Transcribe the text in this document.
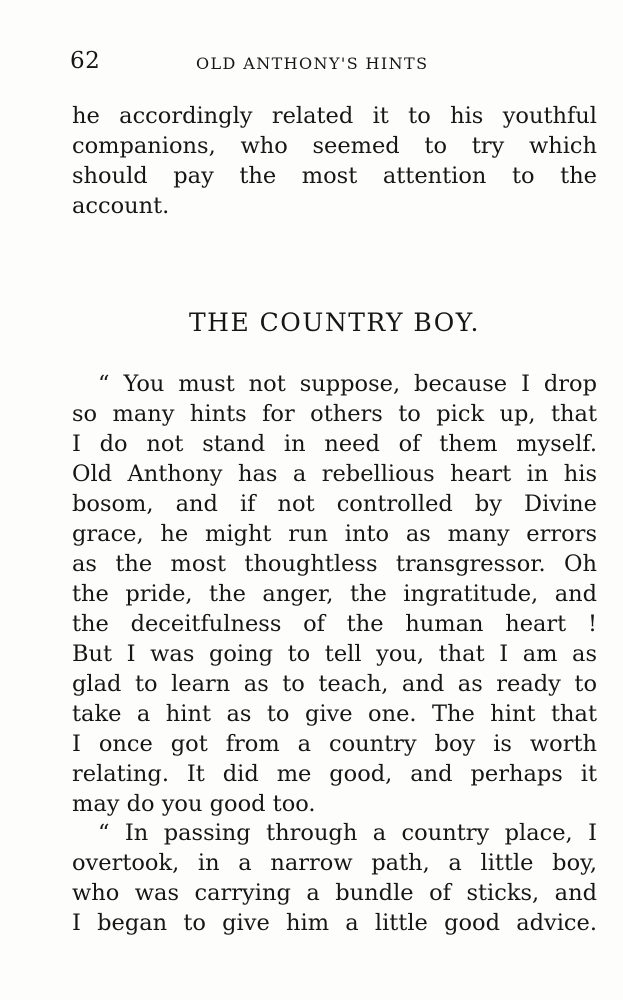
62	OLD ANTHONY'S HINTS
he accordingly related it to his youthful
companions, who seemed to try which
should pay the most attention to the
account.
THE COUNTRY BOY.
“ You must not suppose, because I drop
so many hints for others to pick up, that
I do not stand in need of them myself.
Old Anthony has a rebellious heart in his
bosom, and if not controlled by Divine
grace, he might run into as many errors
as the most thoughtless transgressor. Oh
the pride, the anger, the ingratitude, and
the deceitfulness of the human heart !
But I was going to tell you, that I am as
glad to learn as to teach, and as ready to
take a hint as to give one. The hint that
I once got from a country boy is worth
relating. It did me good, and perhaps it
may do you good too.
“ In passing through a country place, I
overtook, in a narrow path, a little boy,
who was carrying a bundle of sticks, and
I began to give him a little good advice.
